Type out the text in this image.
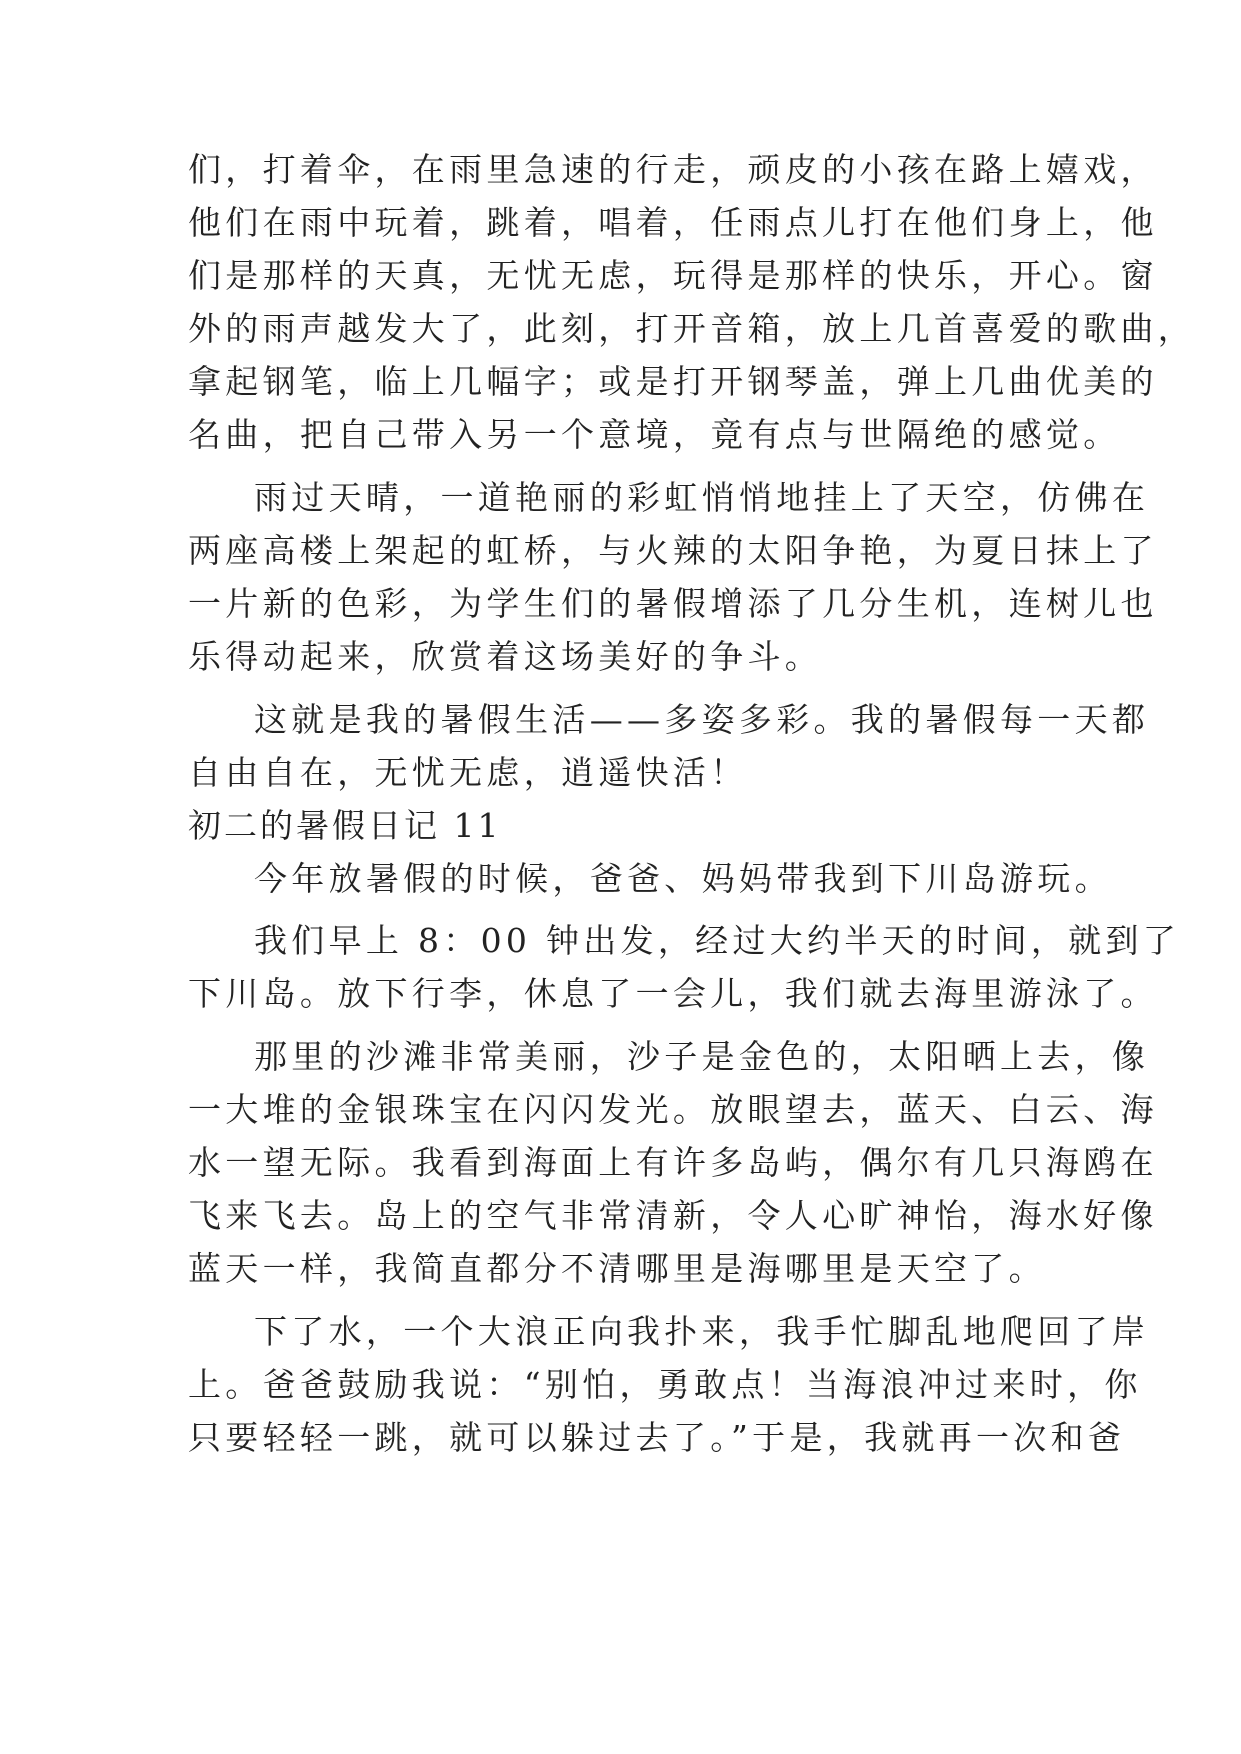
们，打着伞，在雨里急速的行走，顽皮的小孩在路上嬉戏，
他们在雨中玩着，跳着，唱着，任雨点儿打在他们身上，他
们是那样的天真，无忧无虑，玩得是那样的快乐，开心。窗
外的雨声越发大了，此刻，打开音箱，放上几首喜爱的歌曲，
拿起钢笔，临上几幅字；或是打开钢琴盖，弹上几曲优美的
名曲，把自己带入另一个意境，竟有点与世隔绝的感觉。
雨过天晴，一道艳丽的彩虹悄悄地挂上了天空，仿佛在
两座高楼上架起的虹桥，与火辣的太阳争艳，为夏日抹上了
一片新的色彩，为学生们的暑假增添了几分生机，连树儿也
乐得动起来，欣赏着这场美好的争斗。
这就是我的暑假生活——多姿多彩。我的暑假每一天都
自由自在，无忧无虑，逍遥快活！
初二的暑假日记 11
今年放暑假的时候，爸爸、妈妈带我到下川岛游玩。
我们早上 8：00 钟出发，经过大约半天的时间，就到了
下川岛。放下行李，休息了一会儿，我们就去海里游泳了。
那里的沙滩非常美丽，沙子是金色的，太阳晒上去，像
一大堆的金银珠宝在闪闪发光。放眼望去，蓝天、白云、海
水一望无际。我看到海面上有许多岛屿，偶尔有几只海鸥在
飞来飞去。岛上的空气非常清新，令人心旷神怡，海水好像
蓝天一样，我简直都分不清哪里是海哪里是天空了。
下了水，一个大浪正向我扑来，我手忙脚乱地爬回了岸
上。爸爸鼓励我说：“别怕，勇敢点！当海浪冲过来时，你
只要轻轻一跳，就可以躲过去了。”于是，我就再一次和爸
